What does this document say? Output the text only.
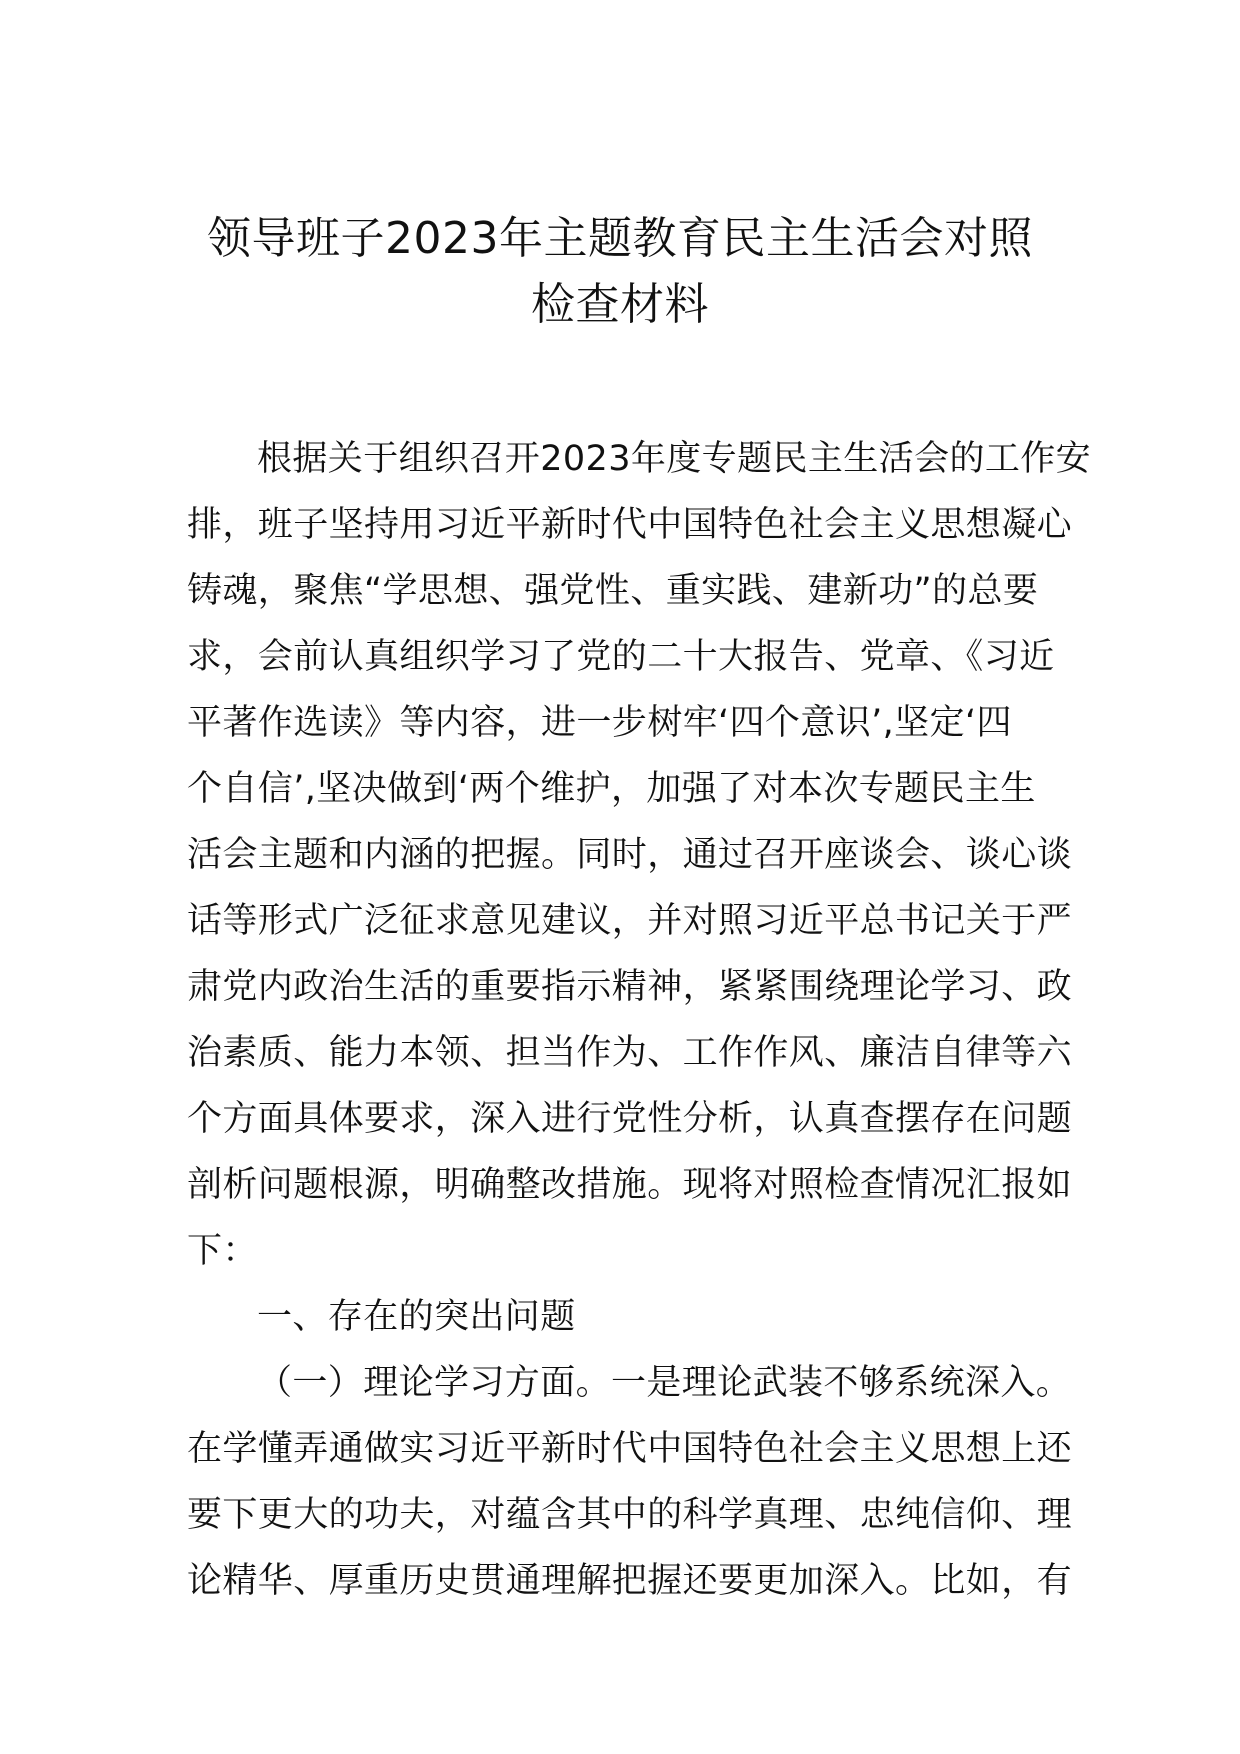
领导班子2023年主题教育民主生活会对照
检查材料
根据关于组织召开2023年度专题民主生活会的工作安
排，班子坚持用习近平新时代中国特色社会主义思想凝心
铸魂，聚焦“学思想、强党性、重实践、建新功”的总要
求，会前认真组织学习了党的二十大报告、党章、《习近
平著作选读》等内容，进一步树牢‘四个意识’,坚定‘四
个自信’,坚决做到‘两个维护，加强了对本次专题民主生
活会主题和内涵的把握。同时，通过召开座谈会、谈心谈
话等形式广泛征求意见建议，并对照习近平总书记关于严
肃党内政治生活的重要指示精神，紧紧围绕理论学习、政
治素质、能力本领、担当作为、工作作风、廉洁自律等六
个方面具体要求，深入进行党性分析，认真查摆存在问题
剖析问题根源，明确整改措施。现将对照检查情况汇报如
下：
一、存在的突出问题
（一）理论学习方面。一是理论武装不够系统深入。
在学懂弄通做实习近平新时代中国特色社会主义思想上还
要下更大的功夫，对蕴含其中的科学真理、忠纯信仰、理
论精华、厚重历史贯通理解把握还要更加深入。比如，有
